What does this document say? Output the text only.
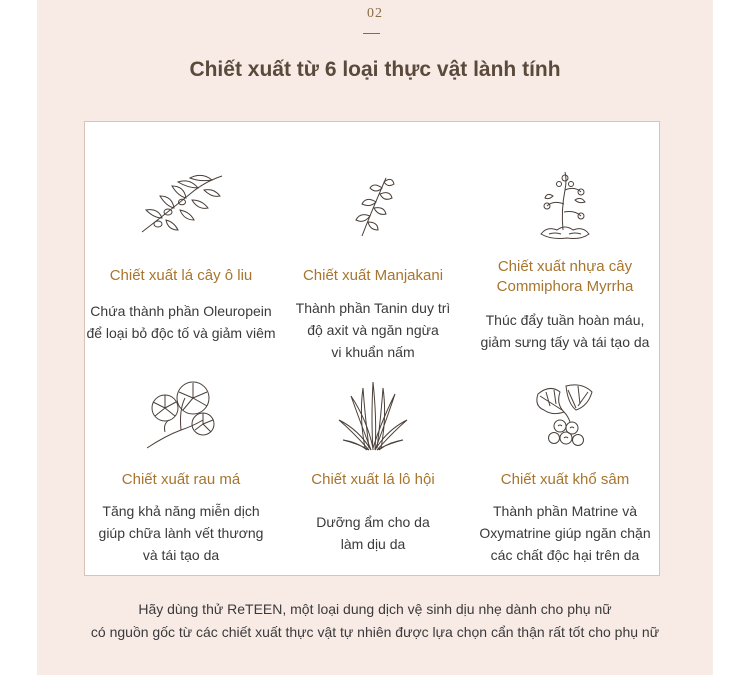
02
Chiết xuất từ 6 loại thực vật lành tính
Chiết xuất lá cây ô liu
Chứa thành phần Oleuropein
để loại bỏ độc tố và giảm viêm
Chiết xuất Manjakani
Thành phần Tanin duy trì
độ axit và ngăn ngừa
vi khuẩn nấm
Chiết xuất nhựa cây
Commiphora Myrrha
Thúc đẩy tuần hoàn máu,
giảm sưng tấy và tái tạo da
Chiết xuất rau má
Tăng khả năng miễn dịch
giúp chữa lành vết thương
và tái tạo da
Chiết xuất lá lô hội
Dưỡng ẩm cho da
làm dịu da
Chiết xuất khổ sâm
Thành phần Matrine và
Oxymatrine giúp ngăn chặn
các chất độc hại trên da
Hãy dùng thử ReTEEN, một loại dung dịch vệ sinh dịu nhẹ dành cho phụ nữ
có nguồn gốc từ các chiết xuất thực vật tự nhiên được lựa chọn cẩn thận rất tốt cho phụ nữ
